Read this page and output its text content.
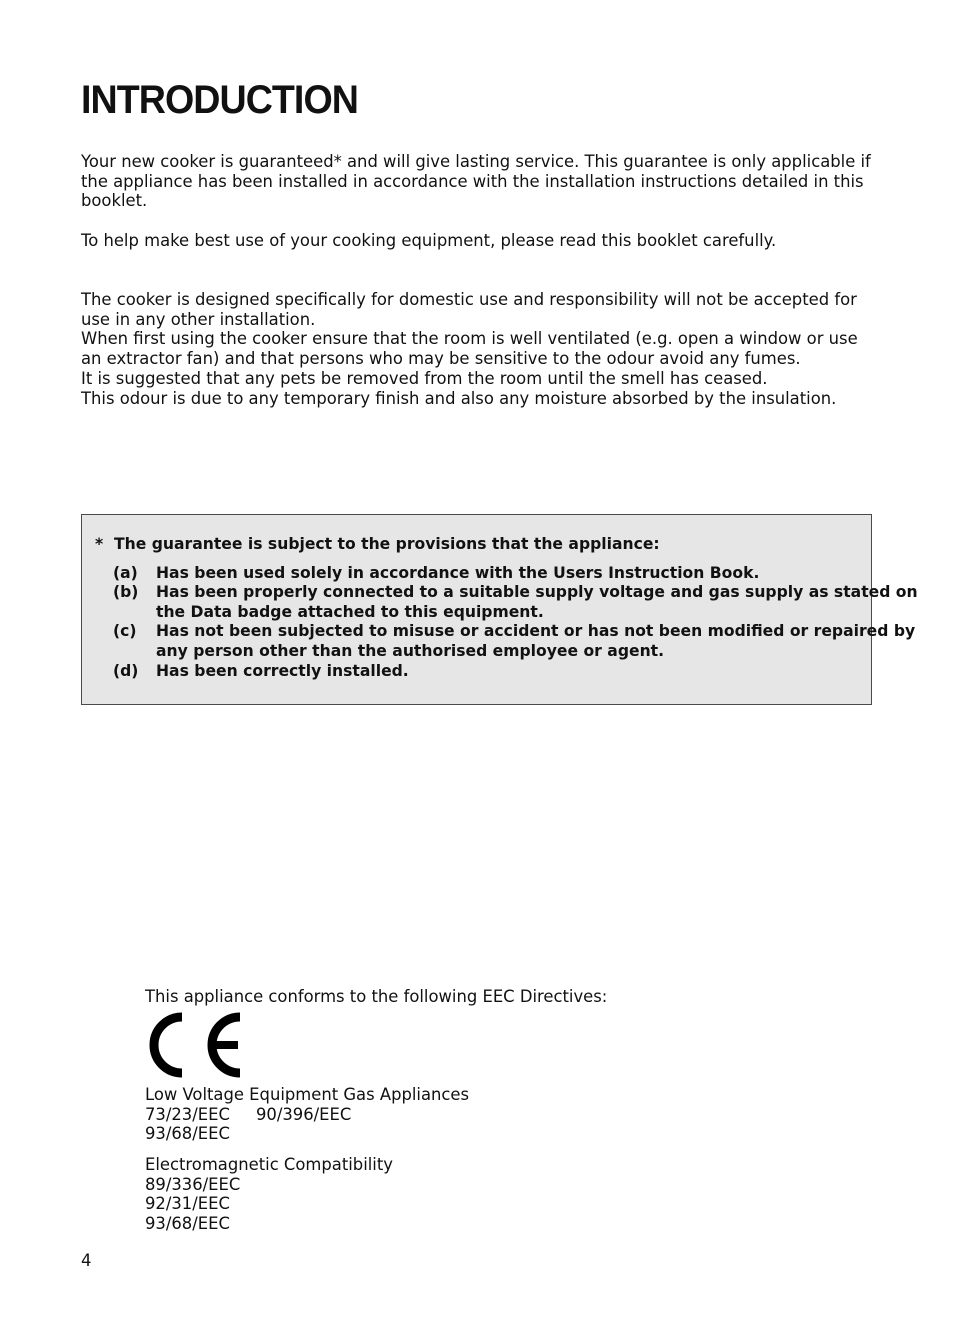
INTRODUCTION

Your new cooker is guaranteed* and will give lasting service. This guarantee is only applicable if
the appliance has been installed in accordance with the installation instructions detailed in this
booklet.

To help make best use of your cooking equipment, please read this booklet carefully.

The cooker is designed specifically for domestic use and responsibility will not be accepted for
use in any other installation.
When first using the cooker ensure that the room is well ventilated (e.g. open a window or use
an extractor fan) and that persons who may be sensitive to the odour avoid any fumes.
It is suggested that any pets be removed from the room until the smell has ceased.
This odour is due to any temporary finish and also any moisture absorbed by the insulation.

* The guarantee is subject to the provisions that the appliance:
(a) Has been used solely in accordance with the Users Instruction Book.
(b) Has been properly connected to a suitable supply voltage and gas supply as stated on
the Data badge attached to this equipment.
(c) Has not been subjected to misuse or accident or has not been modified or repaired by
any person other than the authorised employee or agent.
(d) Has been correctly installed.

This appliance conforms to the following EEC Directives:

Low Voltage Equipment Gas Appliances
73/23/EEC     90/396/EEC
93/68/EEC

Electromagnetic Compatibility
89/336/EEC
92/31/EEC
93/68/EEC

4
